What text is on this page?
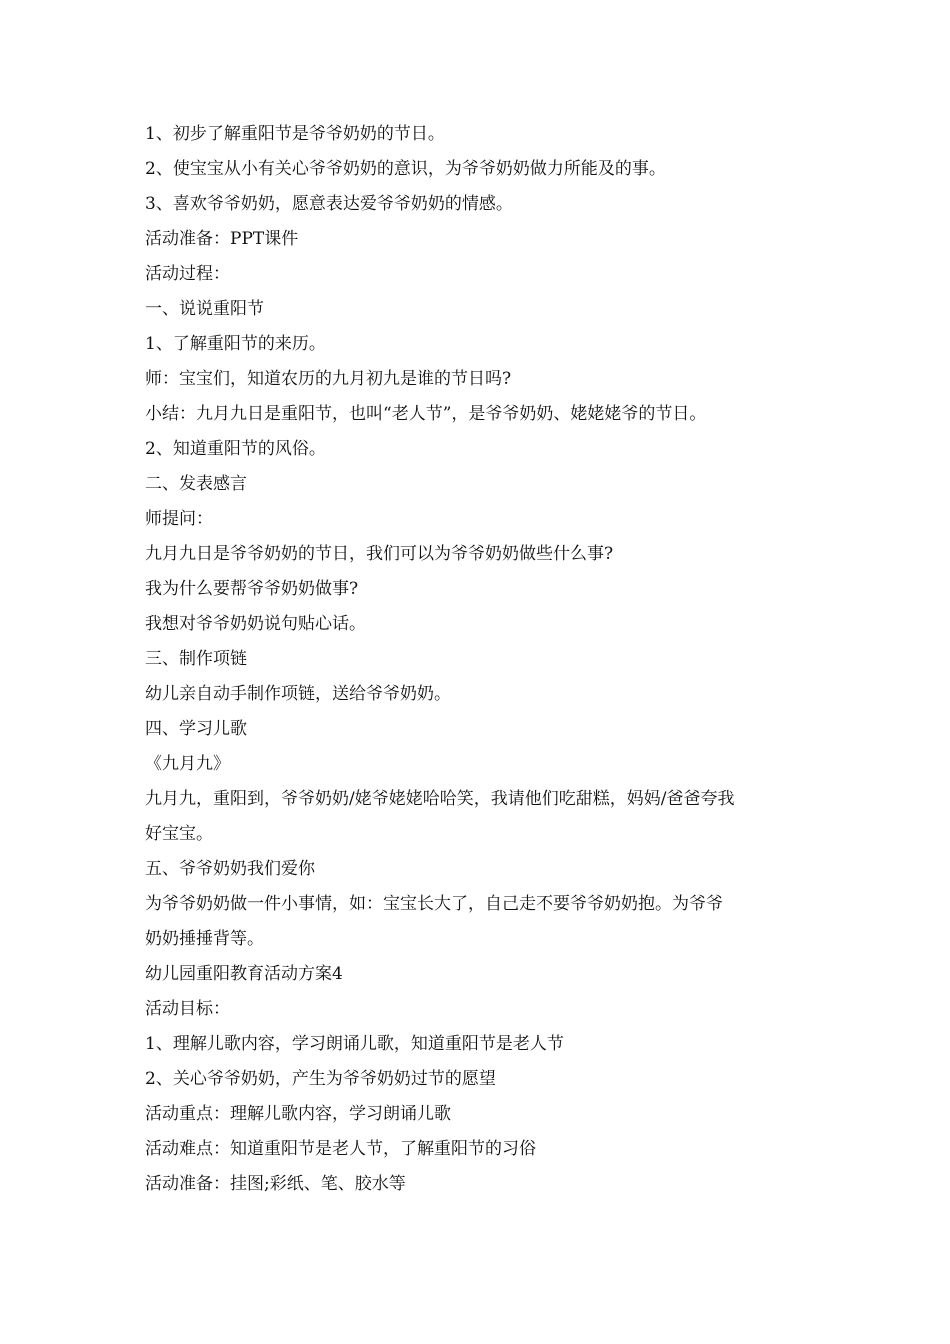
1、初步了解重阳节是爷爷奶奶的节日。
2、使宝宝从小有关心爷爷奶奶的意识，为爷爷奶奶做力所能及的事。
3、喜欢爷爷奶奶，愿意表达爱爷爷奶奶的情感。
活动准备：PPT课件
活动过程：
一、说说重阳节
1、了解重阳节的来历。
师：宝宝们，知道农历的九月初九是谁的节日吗?
小结：九月九日是重阳节，也叫“老人节”，是爷爷奶奶、姥姥姥爷的节日。
2、知道重阳节的风俗。
二、发表感言
师提问：
九月九日是爷爷奶奶的节日，我们可以为爷爷奶奶做些什么事?
我为什么要帮爷爷奶奶做事?
我想对爷爷奶奶说句贴心话。
三、制作项链
幼儿亲自动手制作项链，送给爷爷奶奶。
四、学习儿歌
《九月九》
九月九，重阳到，爷爷奶奶/姥爷姥姥哈哈笑，我请他们吃甜糕，妈妈/爸爸夸我
好宝宝。
五、爷爷奶奶我们爱你
为爷爷奶奶做一件小事情，如：宝宝长大了，自己走不要爷爷奶奶抱。为爷爷
奶奶捶捶背等。
幼儿园重阳教育活动方案4
活动目标：
1、理解儿歌内容，学习朗诵儿歌，知道重阳节是老人节
2、关心爷爷奶奶，产生为爷爷奶奶过节的愿望
活动重点：理解儿歌内容，学习朗诵儿歌
活动难点：知道重阳节是老人节，了解重阳节的习俗
活动准备：挂图;彩纸、笔、胶水等
